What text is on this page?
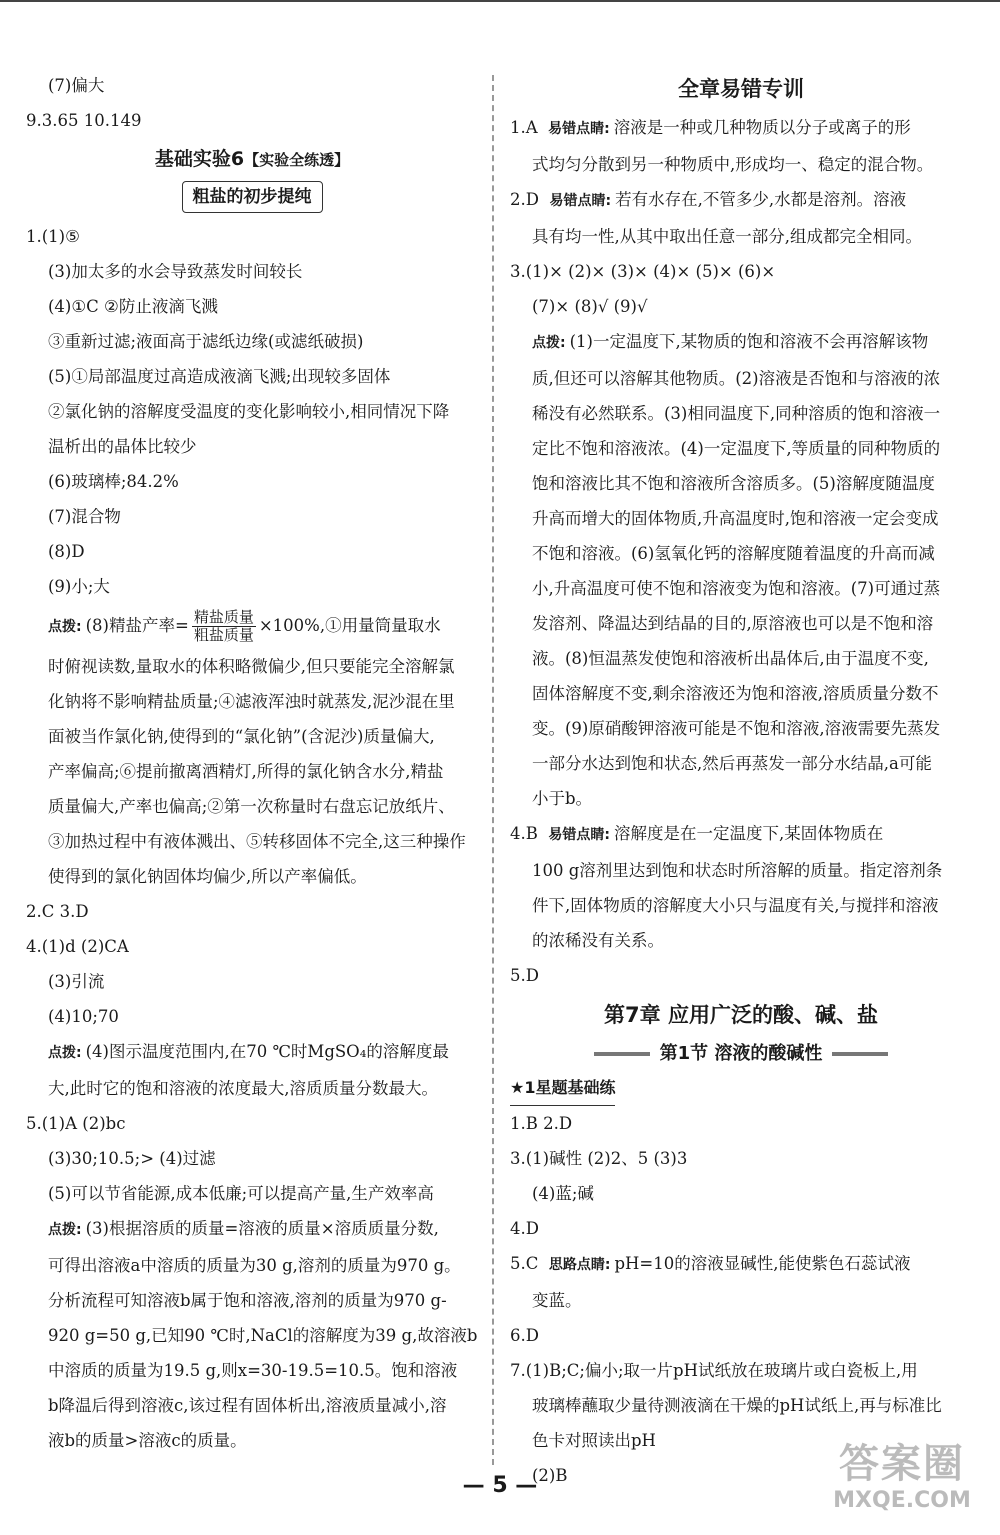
(7)偏大
9.3.65 10.149
基础实验6【实验全练透】
粗盐的初步提纯
1.(1)⑤
(3)加太多的水会导致蒸发时间较长
(4)①C ②防止液滴飞溅
③重新过滤;液面高于滤纸边缘(或滤纸破损)
(5)①局部温度过高造成液滴飞溅;出现较多固体
②氯化钠的溶解度受温度的变化影响较小,相同情况下降
温析出的晶体比较少
(6)玻璃棒;84.2%
(7)混合物
(8)D
(9)小;大
点拨: (8)精盐产率= $\frac{\text{精盐质量}}{\text{粗盐质量}}$ ×100%,①用量筒量取水
时俯视读数,量取水的体积略微偏少,但只要能完全溶解氯
化钠将不影响精盐质量;④滤液浑浊时就蒸发,泥沙混在里
面被当作氯化钠,使得到的“氯化钠”(含泥沙)质量偏大,
产率偏高;⑥提前撤离酒精灯,所得的氯化钠含水分,精盐
质量偏大,产率也偏高;②第一次称量时右盘忘记放纸片、
③加热过程中有液体溅出、⑤转移固体不完全,这三种操作
使得到的氯化钠固体均偏少,所以产率偏低。
2.C 3.D
4.(1)d (2)CA
(3)引流
(4)10;70
点拨: (4)图示温度范围内,在70 ℃时MgSO₄的溶解度最
大,此时它的饱和溶液的浓度最大,溶质质量分数最大。
5.(1)A (2)bc
(3)30;10.5;> (4)过滤
(5)可以节省能源,成本低廉;可以提高产量,生产效率高
点拨: (3)根据溶质的质量=溶液的质量×溶质质量分数,
可得出溶液a中溶质的质量为30 g,溶剂的质量为970 g。
分析流程可知溶液b属于饱和溶液,溶剂的质量为970 g-
920 g=50 g,已知90 ℃时,NaCl的溶解度为39 g,故溶液b
中溶质的质量为19.5 g,则x=30-19.5=10.5。饱和溶液
b降温后得到溶液c,该过程有固体析出,溶液质量减小,溶
液b的质量>溶液c的质量。
全章易错专训
1.A 易错点睛: 溶液是一种或几种物质以分子或离子的形
式均匀分散到另一种物质中,形成均一、稳定的混合物。
2.D 易错点睛: 若有水存在,不管多少,水都是溶剂。溶液
具有均一性,从其中取出任意一部分,组成都完全相同。
3.(1)× (2)× (3)× (4)× (5)× (6)×
(7)× (8)√ (9)√
点拨: (1)一定温度下,某物质的饱和溶液不会再溶解该物
质,但还可以溶解其他物质。(2)溶液是否饱和与溶液的浓
稀没有必然联系。(3)相同温度下,同种溶质的饱和溶液一
定比不饱和溶液浓。(4)一定温度下,等质量的同种物质的
饱和溶液比其不饱和溶液所含溶质多。(5)溶解度随温度
升高而增大的固体物质,升高温度时,饱和溶液一定会变成
不饱和溶液。(6)氢氧化钙的溶解度随着温度的升高而减
小,升高温度可使不饱和溶液变为饱和溶液。(7)可通过蒸
发溶剂、降温达到结晶的目的,原溶液也可以是不饱和溶
液。(8)恒温蒸发使饱和溶液析出晶体后,由于温度不变,
固体溶解度不变,剩余溶液还为饱和溶液,溶质质量分数不
变。(9)原硝酸钾溶液可能是不饱和溶液,溶液需要先蒸发
一部分水达到饱和状态,然后再蒸发一部分水结晶,a可能
小于b。
4.B 易错点睛: 溶解度是在一定温度下,某固体物质在
100 g溶剂里达到饱和状态时所溶解的质量。指定溶剂条
件下,固体物质的溶解度大小只与温度有关,与搅拌和溶液
的浓稀没有关系。
5.D
第7章 应用广泛的酸、碱、盐
第1节 溶液的酸碱性
★1星题基础练
1.B 2.D
3.(1)碱性 (2)2、5 (3)3
(4)蓝;碱
4.D
5.C 思路点睛: pH=10的溶液显碱性,能使紫色石蕊试液
变蓝。
6.D
7.(1)B;C;偏小;取一片pH试纸放在玻璃片或白瓷板上,用
玻璃棒蘸取少量待测液滴在干燥的pH试纸上,再与标准比
色卡对照读出pH
(2)B
— 5 —	答案圈
MXQE.COM
